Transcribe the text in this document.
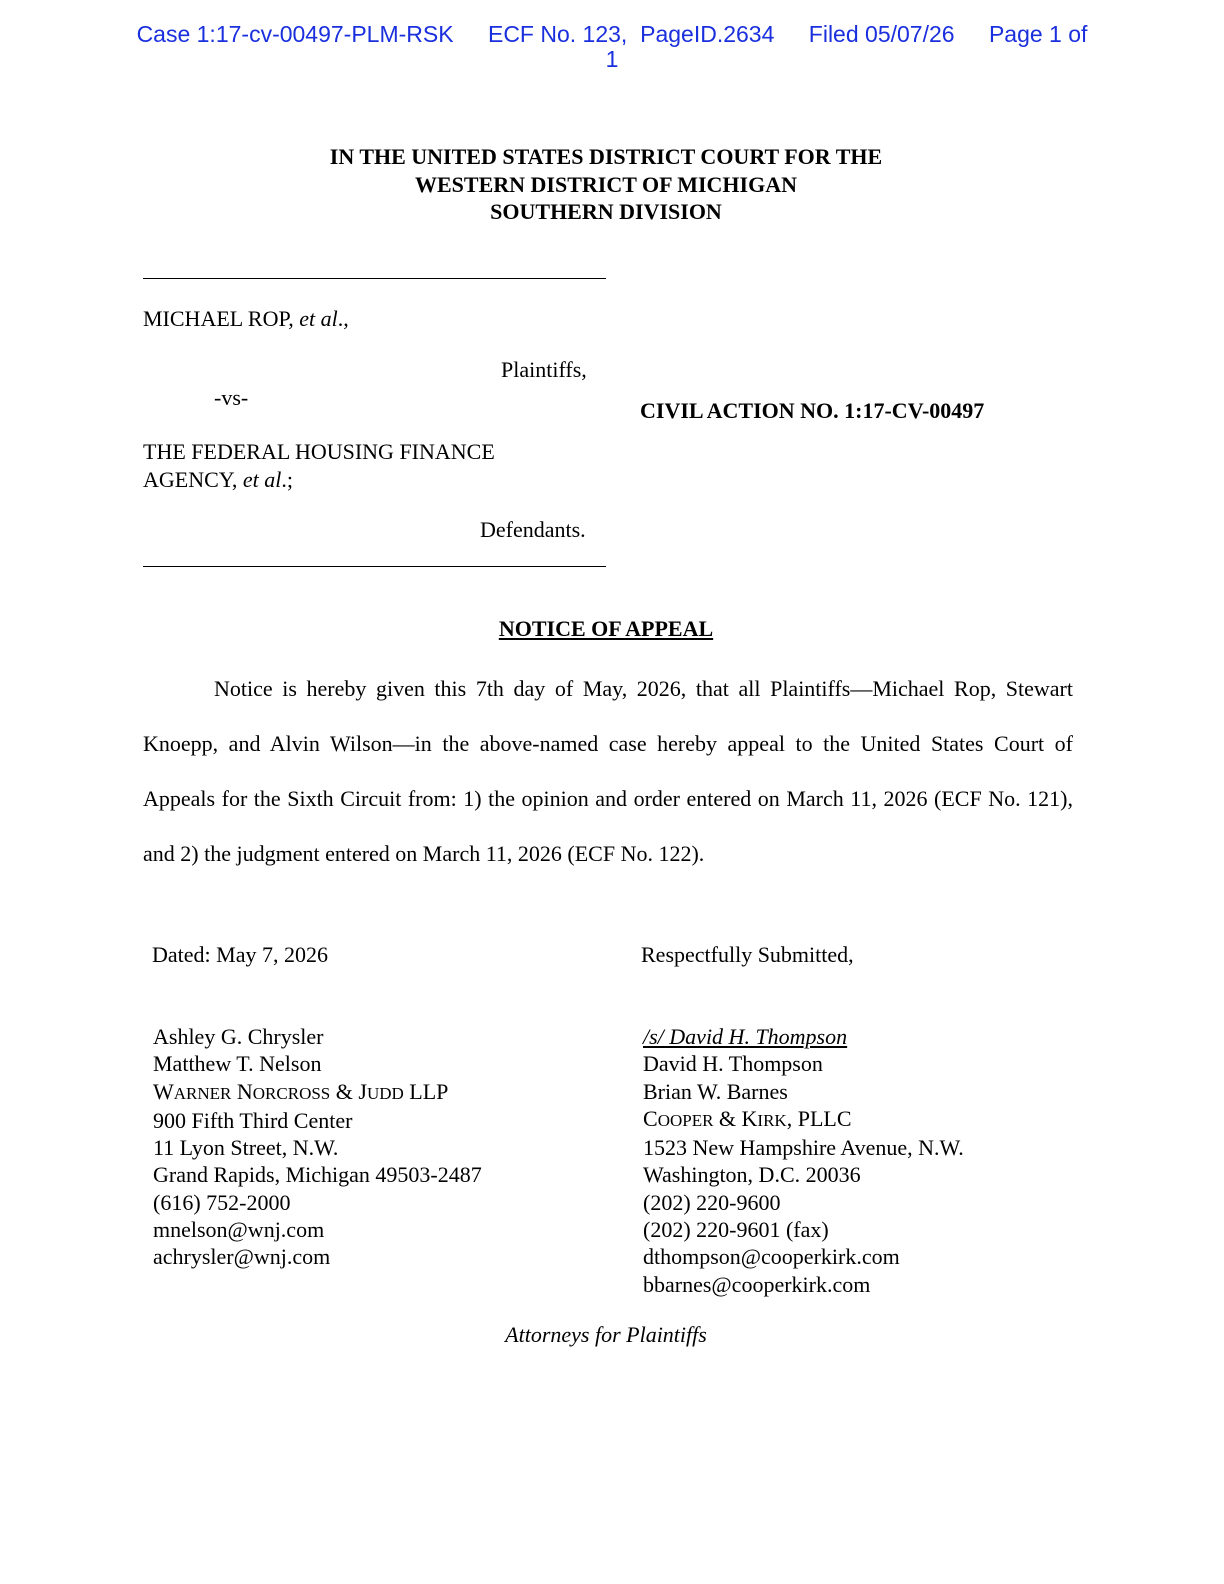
Case 1:17-cv-00497-PLM-RSK ECF No. 123, PageID.2634 Filed 05/07/26 Page 1 of
1
IN THE UNITED STATES DISTRICT COURT FOR THE
WESTERN DISTRICT OF MICHIGAN
SOUTHERN DIVISION
MICHAEL ROP, et al.,
Plaintiffs,
-vs-
CIVIL ACTION NO. 1:17-CV-00497
THE FEDERAL HOUSING FINANCE
AGENCY, et al.;
Defendants.
NOTICE OF APPEAL

Notice is hereby given this 7th day of May, 2026, that all Plaintiffs—Michael Rop, Stewart Knoepp, and Alvin Wilson—in the above-named case hereby appeal to the United States Court of Appeals for the Sixth Circuit from: 1) the opinion and order entered on March 11, 2026 (ECF No. 121), and 2) the judgment entered on March 11, 2026 (ECF No. 122).

Dated: May 7, 2026	Respectfully Submitted,
Ashley G. Chrysler
Matthew T. Nelson
WARNER NORCROSS & JUDD LLP
900 Fifth Third Center
11 Lyon Street, N.W.
Grand Rapids, Michigan 49503-2487
(616) 752-2000
mnelson@wnj.com
achrysler@wnj.com
/s/ David H. Thompson
David H. Thompson
Brian W. Barnes
COOPER & KIRK, PLLC
1523 New Hampshire Avenue, N.W.
Washington, D.C. 20036
(202) 220-9600
(202) 220-9601 (fax)
dthompson@cooperkirk.com
bbarnes@cooperkirk.com
Attorneys for Plaintiffs
